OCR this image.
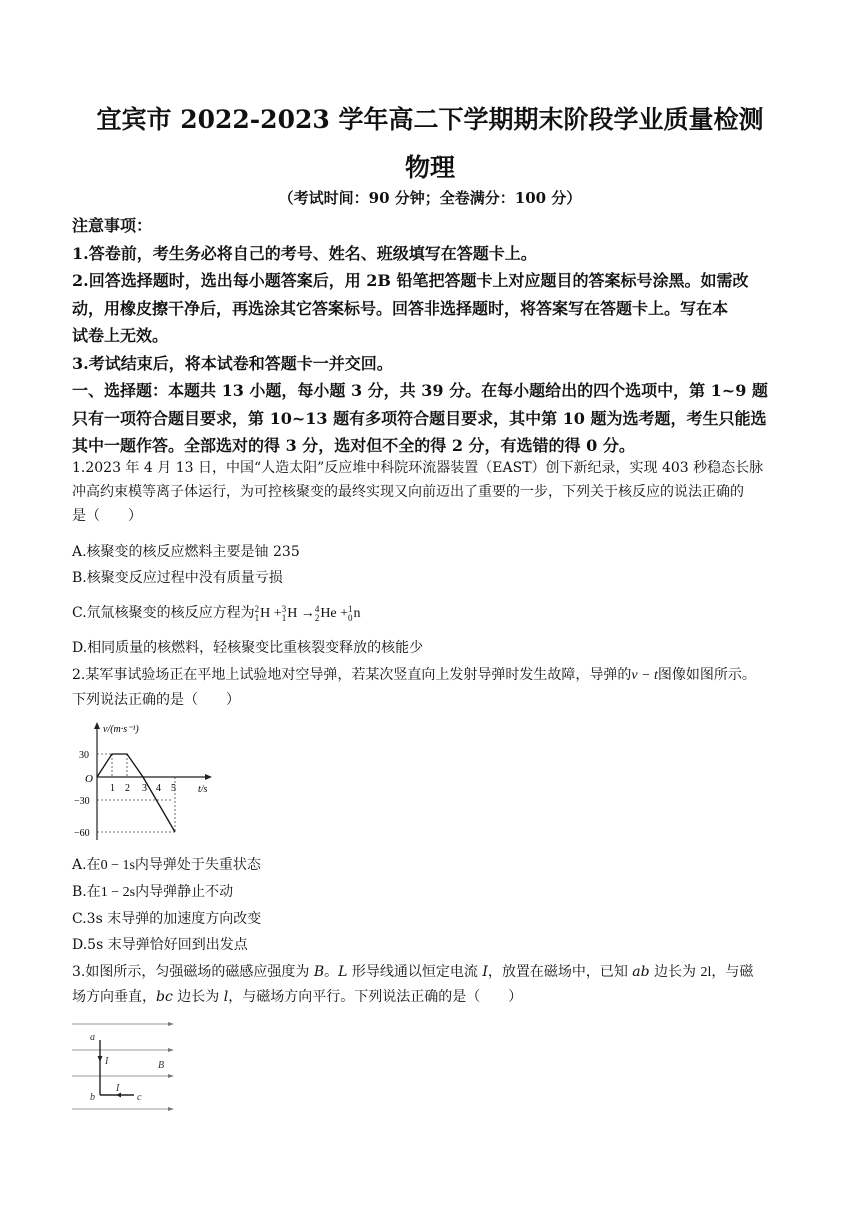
宜宾市 2022-2023 学年高二下学期期末阶段学业质量检测
物理
（考试时间：90 分钟；全卷满分：100 分）
注意事项：
1.答卷前，考生务必将自己的考号、姓名、班级填写在答题卡上。
2.回答选择题时，选出每小题答案后，用 2B 铅笔把答题卡上对应题目的答案标号涂黑。如需改
动，用橡皮擦干净后，再选涂其它答案标号。回答非选择题时，将答案写在答题卡上。写在本
试卷上无效。
3.考试结束后，将本试卷和答题卡一并交回。
一、选择题：本题共 13 小题，每小题 3 分，共 39 分。在每小题给出的四个选项中，第 1~9 题
只有一项符合题目要求，第 10~13 题有多项符合题目要求，其中第 10 题为选考题，考生只能选
其中一题作答。全部选对的得 3 分，选对但不全的得 2 分，有选错的得 0 分。
1.2023 年 4 月 13 日，中国“人造太阳”反应堆中科院环流器装置（EAST）创下新纪录，实现 403 秒稳态长脉
冲高约束模等离子体运行，为可控核聚变的最终实现又向前迈出了重要的一步，下列关于核反应的说法正确的
是（　　）
A.核聚变的核反应燃料主要是铀 235
B.核聚变反应过程中没有质量亏损
C.氘氚核聚变的核反应方程为 2
1 H + 3
1 H → 4
2 He + 1
0 n
D.相同质量的核燃料，轻核聚变比重核裂变释放的核能少
2.某军事试验场正在平地上试验地对空导弹，若某次竖直向上发射导弹时发生故障，导弹的v − t图像如图所示。
下列说法正确的是（　　）
v/(m·s⁻¹)
t/s
O
30
−30
−60
1 2 3 4 5
A.在0 − 1s内导弹处于失重状态
B.在1 − 2s内导弹静止不动
C.3s 末导弹的加速度方向改变
D.5s 末导弹恰好回到出发点
3.如图所示，匀强磁场的磁感应强度为 B。L 形导线通以恒定电流 I，放置在磁场中，已知 ab 边长为 2l，与磁
场方向垂直，bc 边长为 l，与磁场方向平行。下列说法正确的是（　　）
a
I	B
I
b	c
